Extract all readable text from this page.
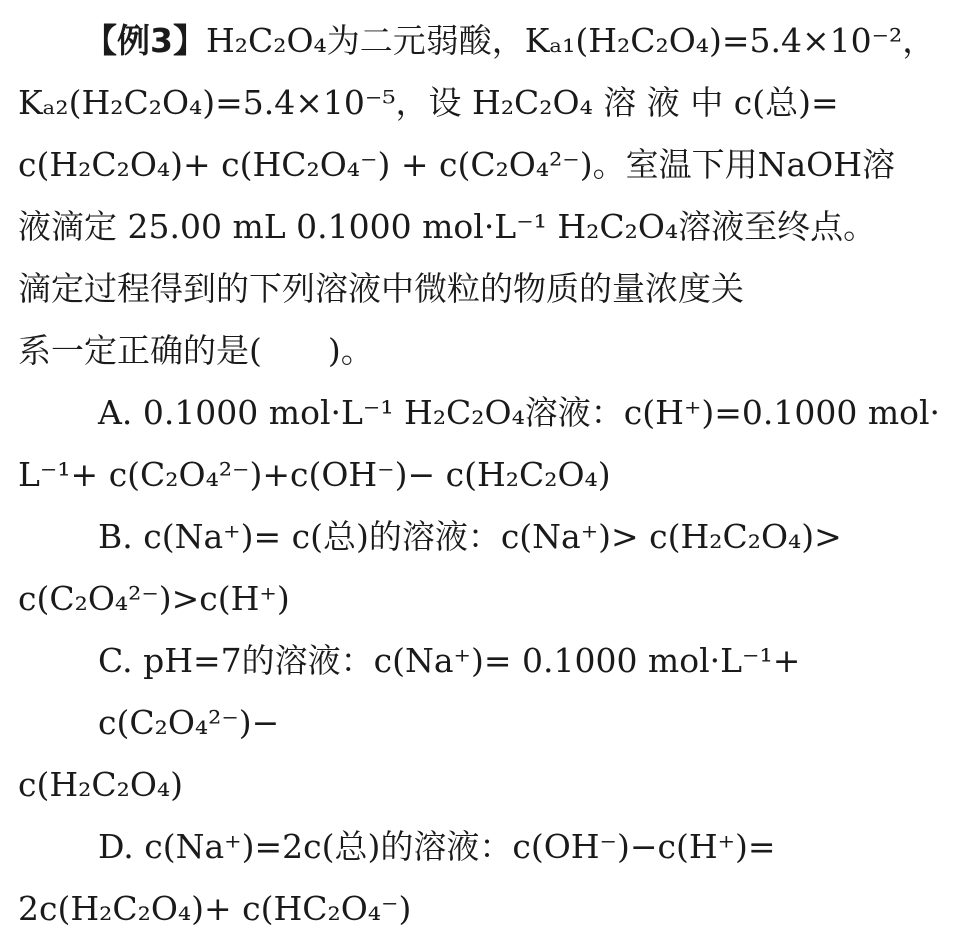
【例3】H₂C₂O₄为二元弱酸，Kₐ₁(H₂C₂O₄)=5.4×10⁻²，

Kₐ₂(H₂C₂O₄)=5.4×10⁻⁵，设 H₂C₂O₄ 溶 液 中 c(总)=

c(H₂C₂O₄)+ c(HC₂O₄⁻) + c(C₂O₄²⁻)。室温下用NaOH溶

液滴定 25.00 mL 0.1000 mol·L⁻¹ H₂C₂O₄溶液至终点。

滴定过程得到的下列溶液中微粒的物质的量浓度关

系一定正确的是(　　)。

A. 0.1000 mol·L⁻¹ H₂C₂O₄溶液：c(H⁺)=0.1000 mol·
L⁻¹+ c(C₂O₄²⁻)+c(OH⁻)− c(H₂C₂O₄)
B. c(Na⁺)= c(总)的溶液：c(Na⁺)> c(H₂C₂O₄)>
c(C₂O₄²⁻)>c(H⁺)
C. pH=7的溶液：c(Na⁺)= 0.1000 mol·L⁻¹+ c(C₂O₄²⁻)−
c(H₂C₂O₄)
D. c(Na⁺)=2c(总)的溶液：c(OH⁻)−c(H⁺)=
2c(H₂C₂O₄)+ c(HC₂O₄⁻)
